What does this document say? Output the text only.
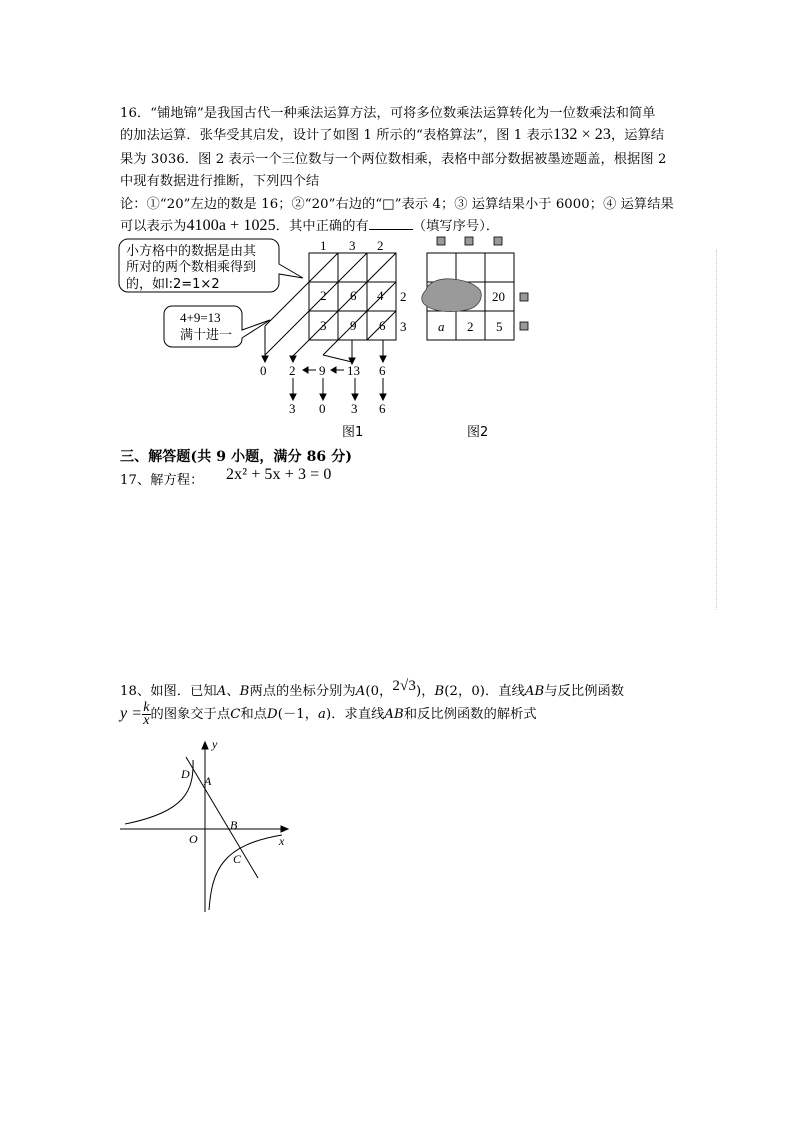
16．“铺地锦”是我国古代一种乘法运算方法，可将多位数乘法运算转化为一位数乘法和简单
的加法运算．张华受其启发，设计了如图 1 所示的“表格算法”，图 1 表示132 × 23，运算结
果为 3036．图 2 表示一个三位数与一个两位数相乘，表格中部分数据被墨迹题盖，根据图 2
中现有数据进行推断，下列四个结
论：①“20”左边的数是 16；②“20”右边的“□”表示 4；③ 运算结果小于 6000；④ 运算结果
可以表示为4100a + 1025．其中正确的有	（填写序号）．
小方格中的数据是由其
所对的两个数相乘得到
的，如l:2=1×2
1 3 2
2
3
2 6 4
3 9 6
4+9=13
满十进一
0 2 9 13 6
3 0 3 6
图1
20
a 2 5
图2
三、解答题(共 9 小题，满分 86 分)
17、解方程： 2x² + 5x + 3 = 0
18、如图．已知A、B两点的坐标分别为A(0，2√3)，B(2，0)．直线AB与反比例函数
$y = \frac{k}{x}$ 的图象交于点C和点D(－1，a)．求直线AB和反比例函数的解析式
y
x
O
A
B
C
D
